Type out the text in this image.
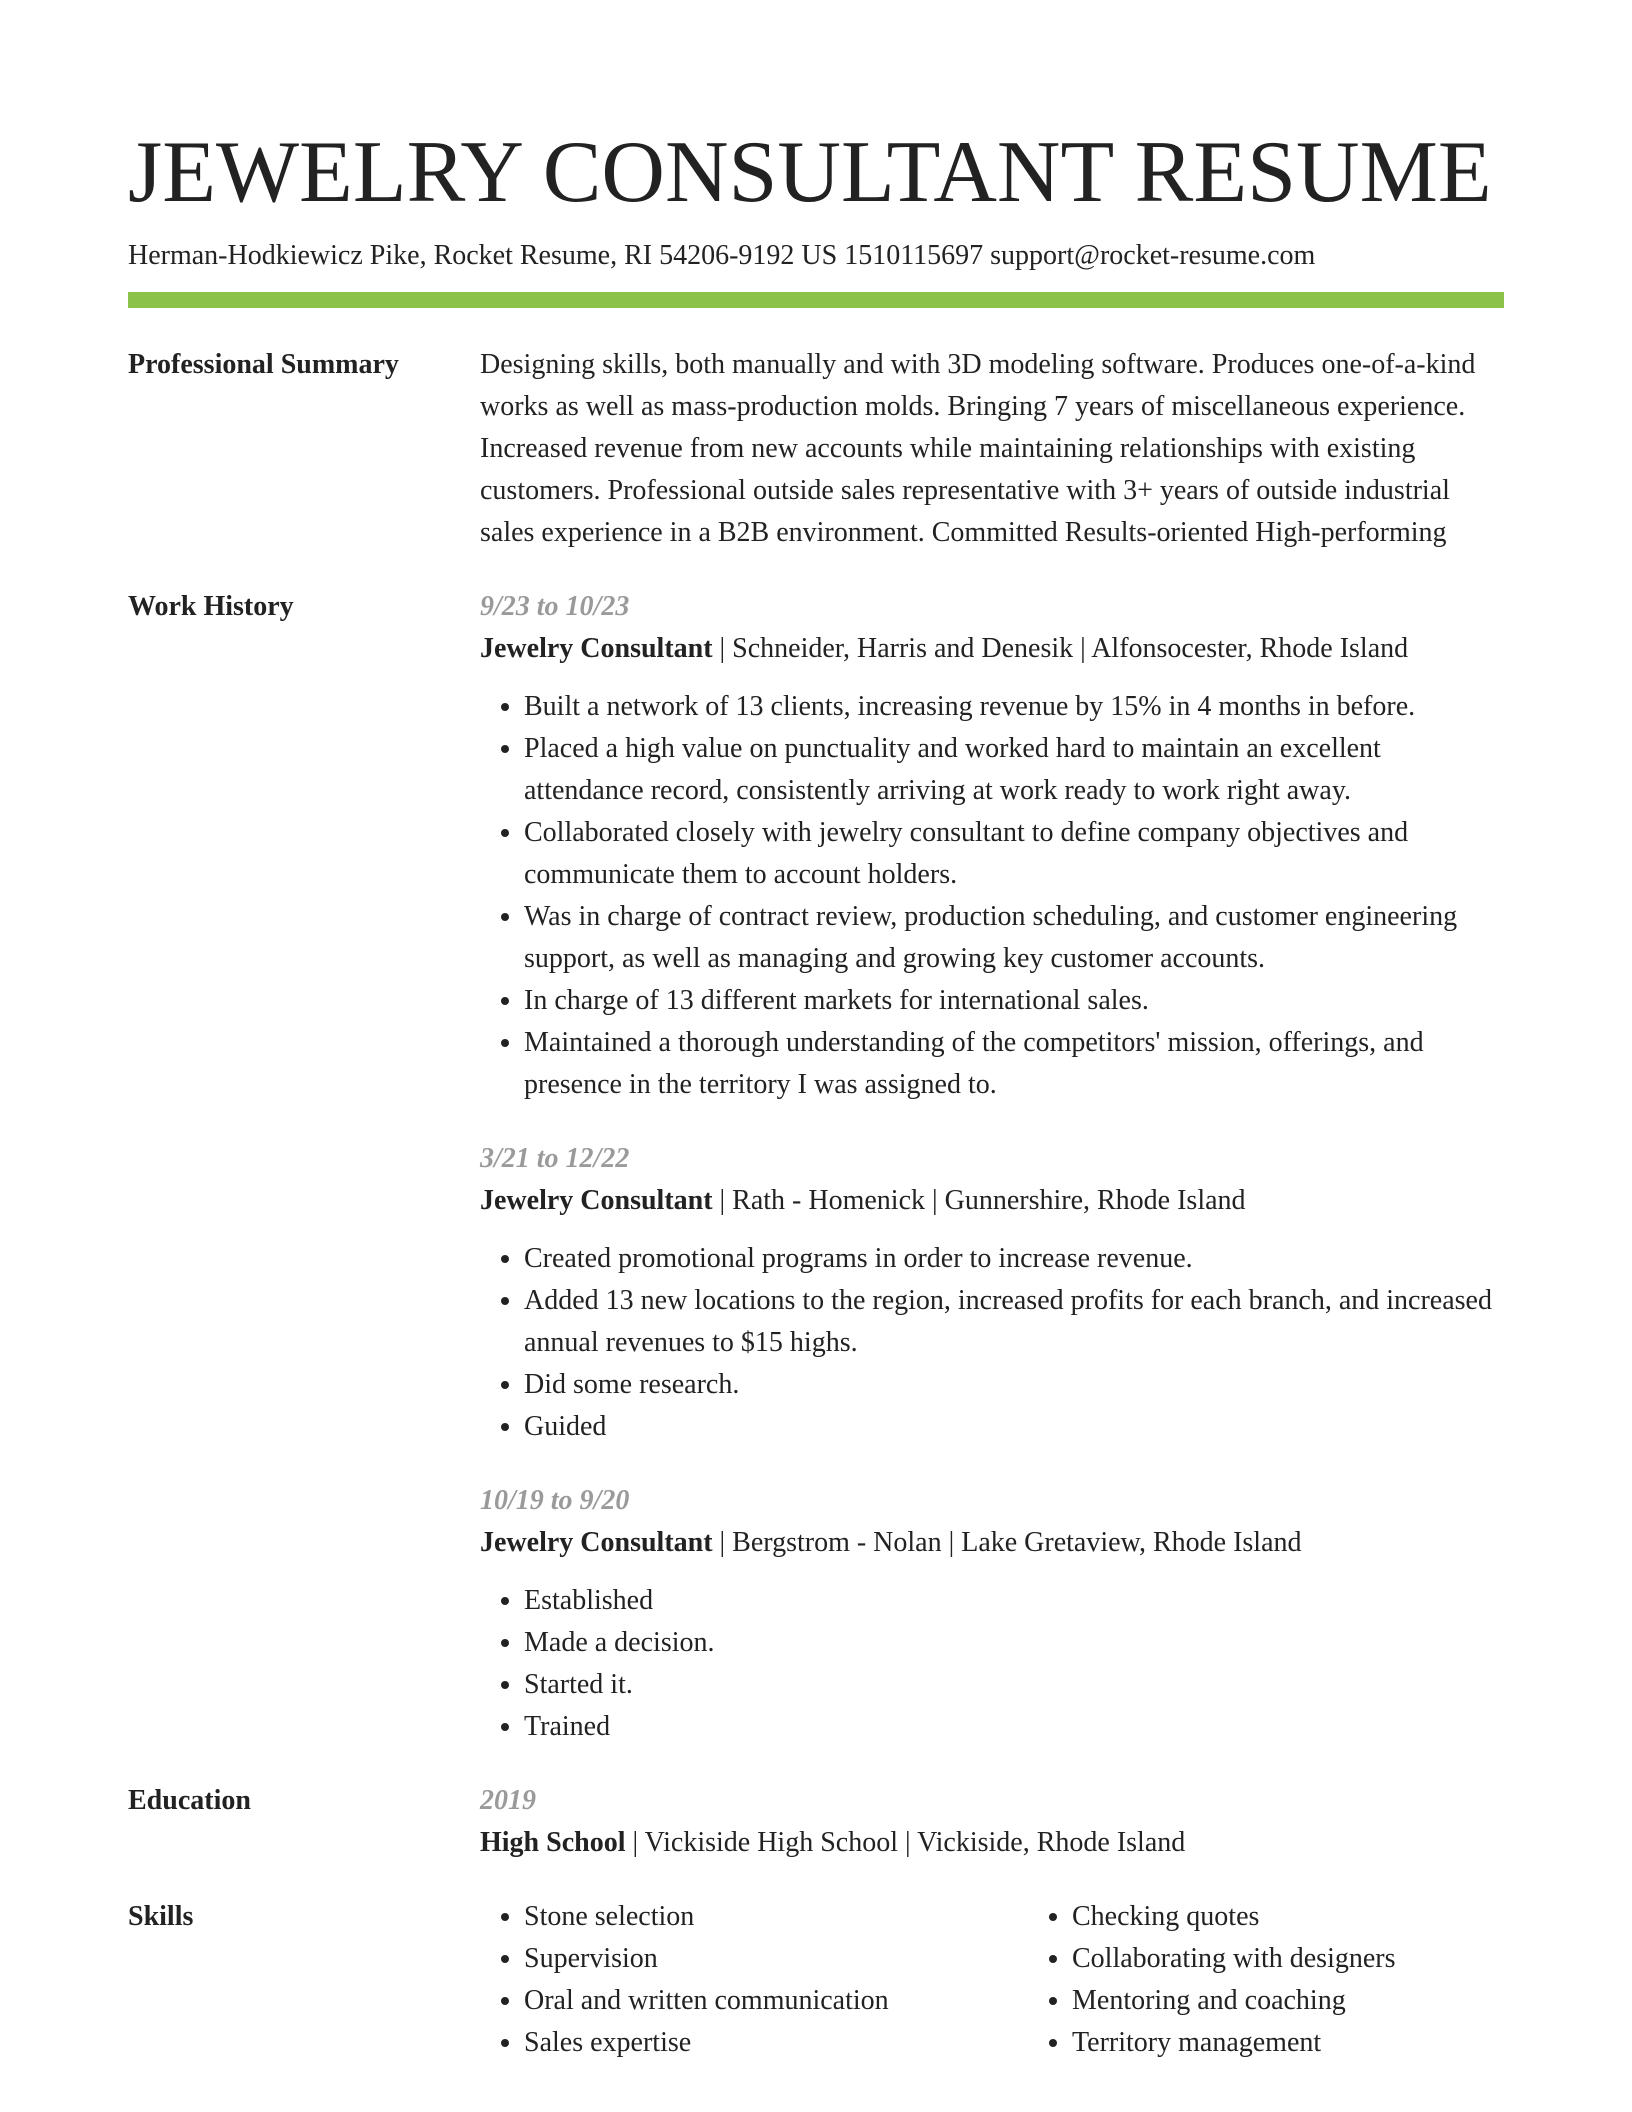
JEWELRY CONSULTANT RESUME
Herman-Hodkiewicz Pike, Rocket Resume, RI 54206-9192 US 1510115697 support@rocket-resume.com
Professional Summary	Designing skills, both manually and with 3D modeling software. Produces one-of-a-kind works as well as mass-production molds. Bringing 7 years of miscellaneous experience. Increased revenue from new accounts while maintaining relationships with existing customers. Professional outside sales representative with 3+ years of outside industrial sales experience in a B2B environment. Committed Results-oriented High-performing

Work History	9/23 to 10/23
Jewelry Consultant | Schneider, Harris and Denesik | Alfonsocester, Rhode Island
• Built a network of 13 clients, increasing revenue by 15% in 4 months in before.
• Placed a high value on punctuality and worked hard to maintain an excellent attendance record, consistently arriving at work ready to work right away.
• Collaborated closely with jewelry consultant to define company objectives and communicate them to account holders.
• Was in charge of contract review, production scheduling, and customer engineering support, as well as managing and growing key customer accounts.
• In charge of 13 different markets for international sales.
• Maintained a thorough understanding of the competitors' mission, offerings, and presence in the territory I was assigned to.
3/21 to 12/22
Jewelry Consultant | Rath - Homenick | Gunnershire, Rhode Island
• Created promotional programs in order to increase revenue.
• Added 13 new locations to the region, increased profits for each branch, and increased annual revenues to $15 highs.
• Did some research.
• Guided
10/19 to 9/20
Jewelry Consultant | Bergstrom - Nolan | Lake Gretaview, Rhode Island
• Established
• Made a decision.
• Started it.
• Trained
Education	2019
High School | Vickiside High School | Vickiside, Rhode Island
Skills
•	Stone selection
• Supervision
• Oral and written communication
• Sales expertise
• Checking quotes
• Collaborating with designers
• Mentoring and coaching
• Territory management
